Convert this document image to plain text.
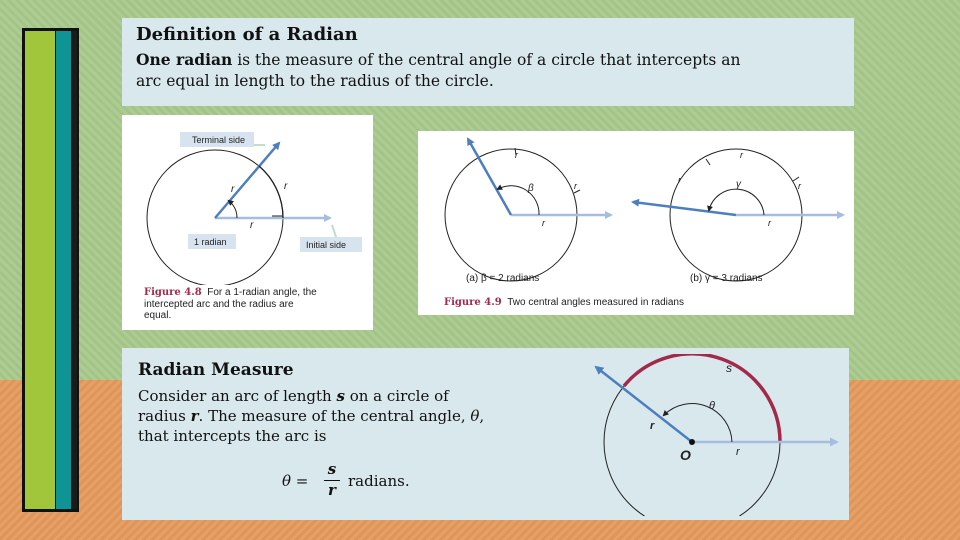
Definition of a Radian
One radian is the measure of the central angle of a circle that intercepts an
arc equal in length to the radius of the circle.
Terminal side
1 radian	Initial side
r	r
r
Figure 4.8 For a 1-radian angle, the
intercepted arc and the radius are
equal.
β
r
r
r
(a) β = 2 radians
γ
r
r
r
r
(b) γ = 3 radians
Figure 4.9 Two central angles measured in radians
Radian Measure
Consider an arc of length s on a circle of
radius r. The measure of the central angle, θ,
that intercepts the arc is
θ =
s
r radians.
s
θ
r
r
O
